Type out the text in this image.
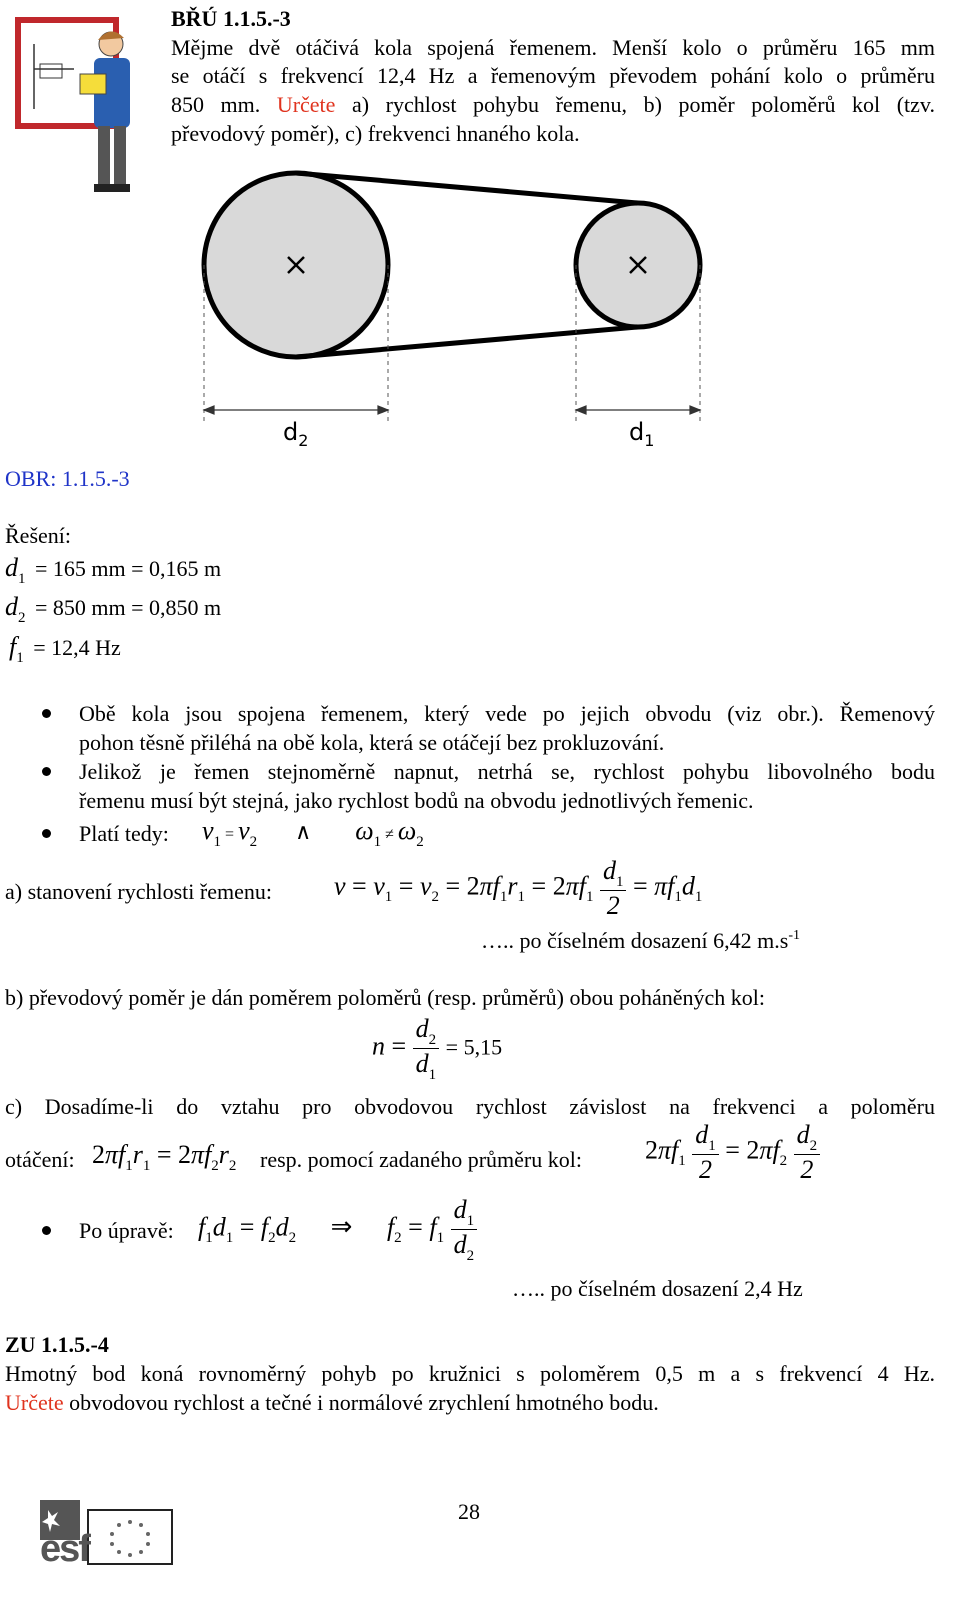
BŘÚ 1.1.5.-3
Mějme dvě otáčivá kola spojená řemenem. Menší kolo o průměru 165 mm
se otáčí s frekvencí 12,4 Hz a řemenovým převodem pohání kolo o průměru
850 mm. Určete a) rychlost pohybu řemenu, b) poměr poloměrů kol (tzv.
převodový poměr), c) frekvenci hnaného kola.
$d_2$	$d_1$
OBR: 1.1.5.-3
Řešení:
$d_1 = 165$ mm = 0,165 m
$d_2 = 850$ mm = 0,850 m
$f_1 = 12,4$ Hz
Obě kola jsou spojena řemenem, který vede po jejich obvodu (viz obr.). Řemenový
pohon těsně přiléhá na obě kola, která se otáčejí bez prokluzování.
Jelikož je řemen stejnoměrně napnut, netrhá se, rychlost pohybu libovolného bodu
řemenu musí být stejná, jako rychlost bodů na obvodu jednotlivých řemenic.
Platí tedy: v1 = v2 ∧ ω1 ≠ ω2
a) stanovení rychlosti řemenu: $v = v_1 = v_2 = 2\pi f_1r_1 = 2\pi f_1 \frac{d_1}{2} = \pi f_1d_1$
….. po číselném dosazení 6,42 $m.s^{-1}$
b) převodový poměr je dán poměrem poloměrů (resp. průměrů) obou poháněných kol:
$n = \frac{d_2}{d_1} = 5,15$
c) Dosadíme-li do vztahu pro obvodovou rychlost závislost na frekvenci a poloměru
otáčení: $2\pi f_1r_1 = 2\pi f_2r_2$ resp. pomocí zadaného průměru kol: $2\pi f_1 \frac{d_1}{2} = 2\pi f_2 \frac{d_2}{2}$
Po úpravě: $f_1d_1 = f_2d_2$ ⇒ $f_2 = f_1 \frac{d_1}{d_2}$
….. po číselném dosazení 2,4 Hz
ZU 1.1.5.-4
Hmotný bod koná rovnoměrný pohyb po kružnici s poloměrem 0,5 m a s frekvencí 4 Hz.
Určete obvodovou rychlost a tečné i normálové zrychlení hmotného bodu.
28
esf
